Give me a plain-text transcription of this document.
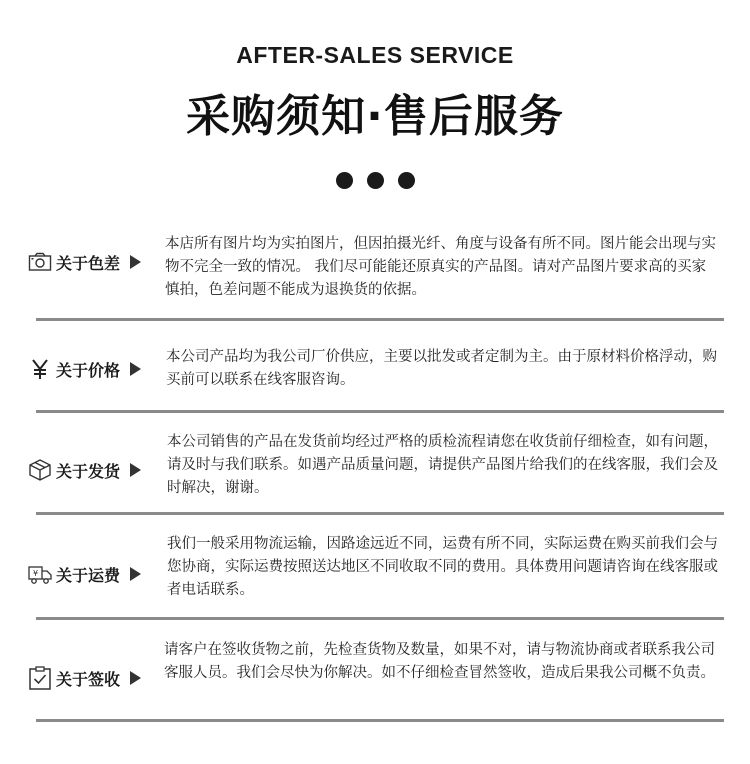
AFTER-SALES SERVICE
采购须知·售后服务
关于色差
本店所有图片均为实拍图片，但因拍摄光纤、角度与设备有所不同。图片能会出现与实物不完全一致的情况。 我们尽可能能还原真实的产品图。请对产品图片要求高的买家慎拍，色差问题不能成为退换货的依据。
关于价格
本公司产品均为我公司厂价供应，主要以批发或者定制为主。由于原材料价格浮动，购买前可以联系在线客服咨询。
关于发货
本公司销售的产品在发货前均经过严格的质检流程请您在收货前仔细检查，如有问题，请及时与我们联系。如遇产品质量问题，请提供产品图片给我们的在线客服，我们会及时解决，谢谢。
¥ 关于运费
我们一般采用物流运输，因路途远近不同，运费有所不同，实际运费在购买前我们会与您协商，实际运费按照送达地区不同收取不同的费用。具体费用问题请咨询在线客服或者电话联系。
关于签收
请客户在签收货物之前，先检查货物及数量，如果不对，请与物流协商或者联系我公司客服人员。我们会尽快为你解决。如不仔细检查冒然签收，造成后果我公司概不负责。
